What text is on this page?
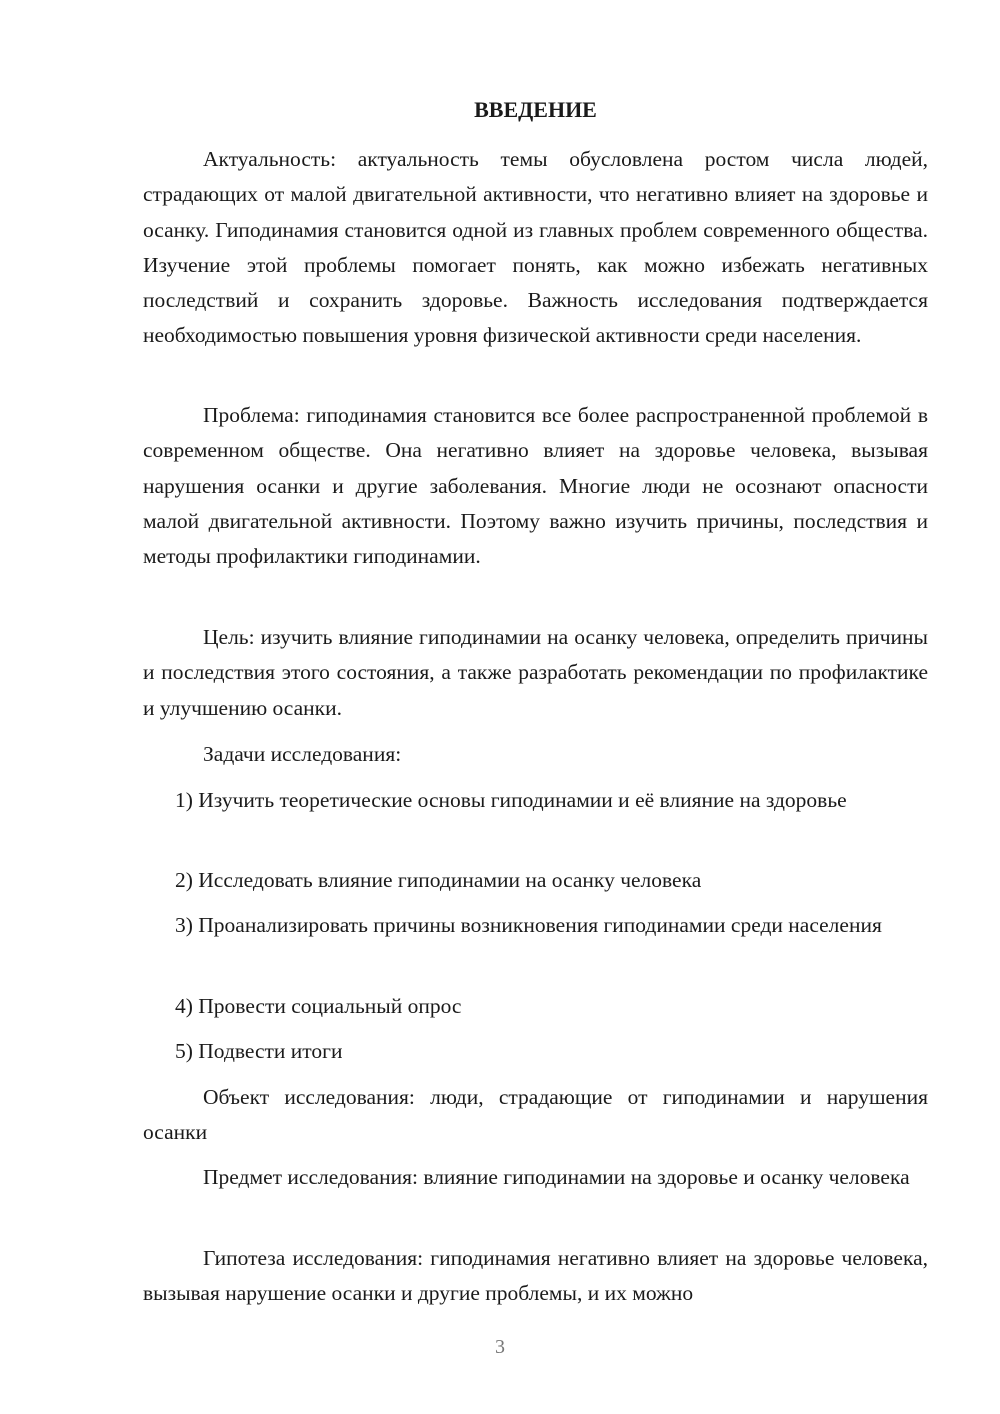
ВВЕДЕНИЕ

Актуальность: актуальность темы обусловлена ростом числа людей, страдающих от малой двигательной активности, что негативно влияет на здоровье и осанку. Гиподинамия становится одной из главных проблем современного общества. Изучение этой проблемы помогает понять, как можно избежать негативных последствий и сохранить здоровье. Важность исследования подтверждается необходимостью повышения уровня физической активности среди населения.

Проблема: гиподинамия становится все более распространенной проблемой в современном обществе. Она негативно влияет на здоровье человека, вызывая нарушения осанки и другие заболевания. Многие люди не осознают опасности малой двигательной активности. Поэтому важно изучить причины, последствия и методы профилактики гиподинамии.

Цель: изучить влияние гиподинамии на осанку человека, определить причины и последствия этого состояния, а также разработать рекомендации по профилактике и улучшению осанки.

Задачи исследования:

1) Изучить теоретические основы гиподинамии и её влияние на здоровье

2) Исследовать влияние гиподинамии на осанку человека

3) Проанализировать причины возникновения гиподинамии среди населения

4) Провести социальный опрос

5) Подвести итоги

Объект исследования: люди, страдающие от гиподинамии и нарушения осанки

Предмет исследования: влияние гиподинамии на здоровье и осанку человека

Гипотеза исследования: гиподинамия негативно влияет на здоровье человека, вызывая нарушение осанки и другие проблемы, и их можно

3
